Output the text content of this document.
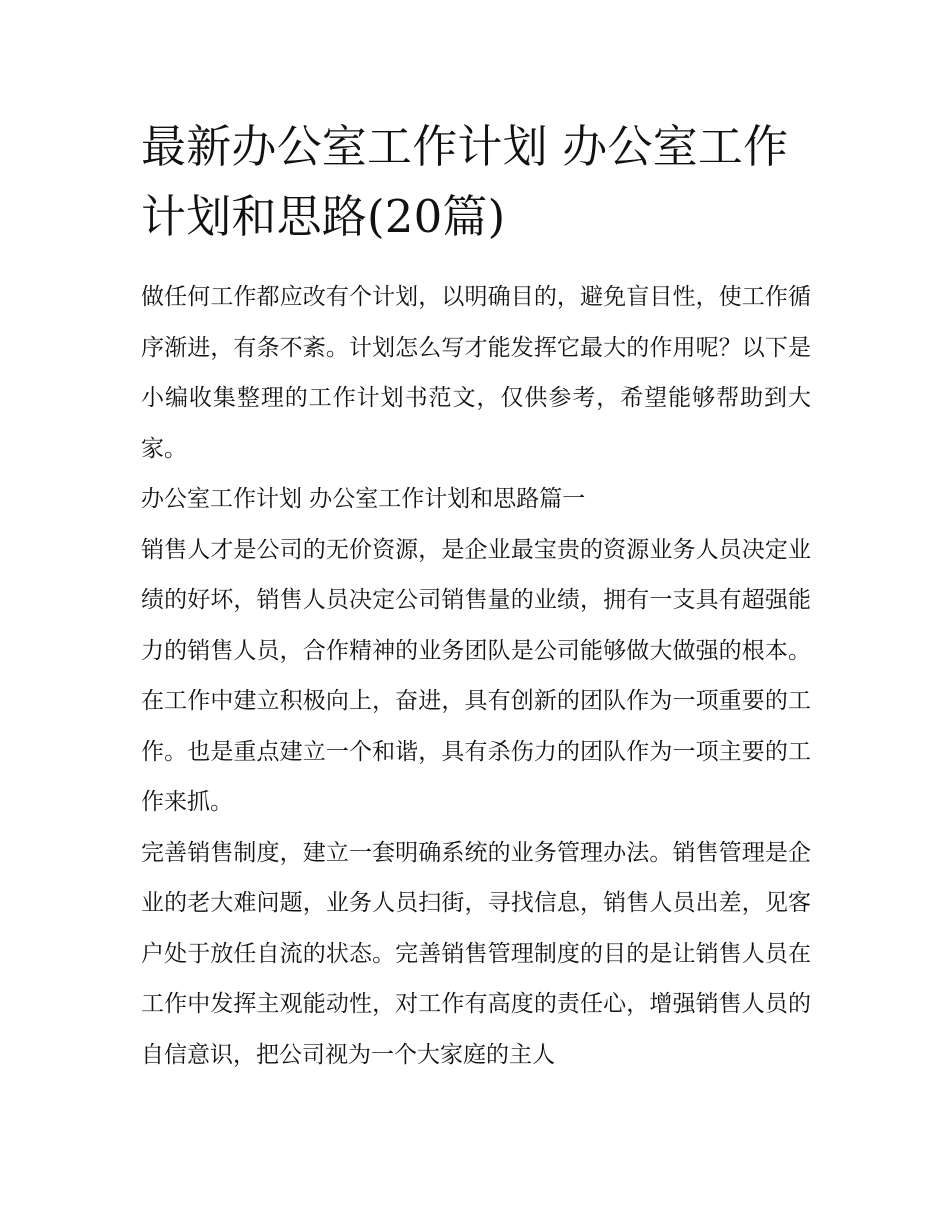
最新办公室工作计划 办公室工作计划和思路(20篇)

做任何工作都应改有个计划，以明确目的，避免盲目性，使工作循序渐进，有条不紊。计划怎么写才能发挥它最大的作用呢？以下是小编收集整理的工作计划书范文，仅供参考，希望能够帮助到大家。

办公室工作计划 办公室工作计划和思路篇一

销售人才是公司的无价资源，是企业最宝贵的资源业务人员决定业绩的好坏，销售人员决定公司销售量的业绩，拥有一支具有超强能力的销售人员，合作精神的业务团队是公司能够做大做强的根本。在工作中建立积极向上，奋进，具有创新的团队作为一项重要的工作。也是重点建立一个和谐，具有杀伤力的团队作为一项主要的工作来抓。

完善销售制度，建立一套明确系统的业务管理办法。销售管理是企业的老大难问题，业务人员扫街，寻找信息，销售人员出差，见客户处于放任自流的状态。完善销售管理制度的目的是让销售人员在工作中发挥主观能动性，对工作有高度的责任心，增强销售人员的自信意识，把公司视为一个大家庭的主人
